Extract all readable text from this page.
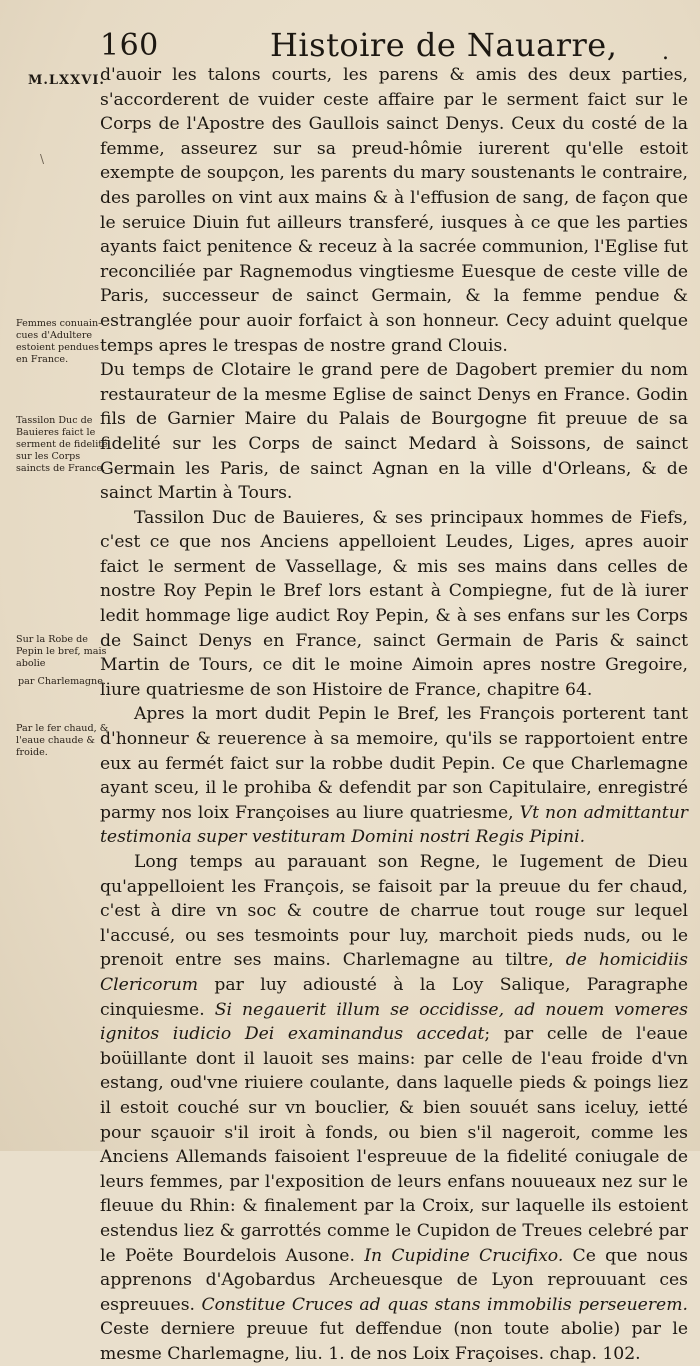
160	Histoire de Nauarre, .
M.LXXVI.
Femmes conuain-cues d'Adultere estoient pendues en France.
Tassilon Duc de Bauieres faict le serment de fidelité sur les Corps saincts de France.
Sur la Robe de Pepin le bref, mais abolie
par Charlemagne.
Par le fer chaud, & l'eaue chaude & froide.
\

d'auoir les talons courts, les parens & amis des deux parties, s'accorderent de vuider ceste affaire par le serment faict sur le Corps de l'Apostre des Gaullois sainct Denys. Ceux du costé de la femme, asseurez sur sa preud-hômie iurerent qu'elle estoit exempte de soupçon, les parents du mary soustenants le contraire, des parolles on vint aux mains & à l'effusion de sang, de façon que le seruice Diuin fut ailleurs transferé, iusques à ce que les parties ayants faict penitence & receuz à la sacrée communion, l'Eglise fut reconciliée par Ragnemodus vingtiesme Euesque de ceste ville de Paris, successeur de sainct Germain, & la femme pendue & estranglée pour auoir forfaict à son honneur. Cecy aduint quelque temps apres le trespas de nostre grand Clouis.

Du temps de Clotaire le grand pere de Dagobert premier du nom restaurateur de la mesme Eglise de sainct Denys en France. Godin fils de Garnier Maire du Palais de Bourgogne fit preuue de sa fidelité sur les Corps de sainct Medard à Soissons, de sainct Germain les Paris, de sainct Agnan en la ville d'Orleans, & de sainct Martin à Tours.

Tassilon Duc de Bauieres, & ses principaux hommes de Fiefs, c'est ce que nos Anciens appelloient Leudes, Liges, apres auoir faict le serment de Vassellage, & mis ses mains dans celles de nostre Roy Pepin le Bref lors estant à Compiegne, fut de là iurer ledit hommage lige audict Roy Pepin, & à ses enfans sur les Corps de Sainct Denys en France, sainct Germain de Paris & sainct Martin de Tours, ce dit le moine Aimoin apres nostre Gregoire, liure quatriesme de son Histoire de France, chapitre 64.

Apres la mort dudit Pepin le Bref, les François porterent tant d'honneur & reuerence à sa memoire, qu'ils se rapportoient entre eux au fermét faict sur la robbe dudit Pepin. Ce que Charlemagne ayant sceu, il le prohiba & defendit par son Capitulaire, enregistré parmy nos loix Françoises au liure quatriesme, Vt non admittantur testimonia super vestituram Domini nostri Regis Pipini.

Long temps au parauant son Regne, le Iugement de Dieu qu'appelloient les François, se faisoit par la preuue du fer chaud, c'est à dire vn soc & coutre de charrue tout rouge sur lequel l'accusé, ou ses tesmoints pour luy, marchoit pieds nuds, ou le prenoit entre ses mains. Charlemagne au tiltre, de homicidiis Clericorum par luy adiousté à la Loy Salique, Paragraphe cinquiesme. Si negauerit illum se occidisse, ad nouem vomeres ignitos iudicio Dei examinandus accedat; par celle de l'eaue boüillante dont il lauoit ses mains: par celle de l'eau froide d'vn estang, oud'vne riuiere coulante, dans laquelle pieds & poings liez il estoit couché sur vn bouclier, & bien souuét sans iceluy, ietté pour sçauoir s'il iroit à fonds, ou bien s'il nageroit, comme les Anciens Allemands faisoient l'espreuue de la fidelité coniugale de leurs femmes, par l'exposition de leurs enfans nouueaux nez sur le fleuue du Rhin: & finalement par la Croix, sur laquelle ils estoient estendus liez & garrottés comme le Cupidon de Treues celebré par le Poëte Bourdelois Ausone. In Cupidine Crucifixo. Ce que nous apprenons d'Agobardus Archeuesque de Lyon reprouuant ces espreuues. Constitue Cruces ad quas stans immobilis perseuerem. Ceste derniere preuue fut deffendue (non toute abolie) par le mesme Charlemagne, liu. 1. de nos Loix Fraçoises. chap. 102.
